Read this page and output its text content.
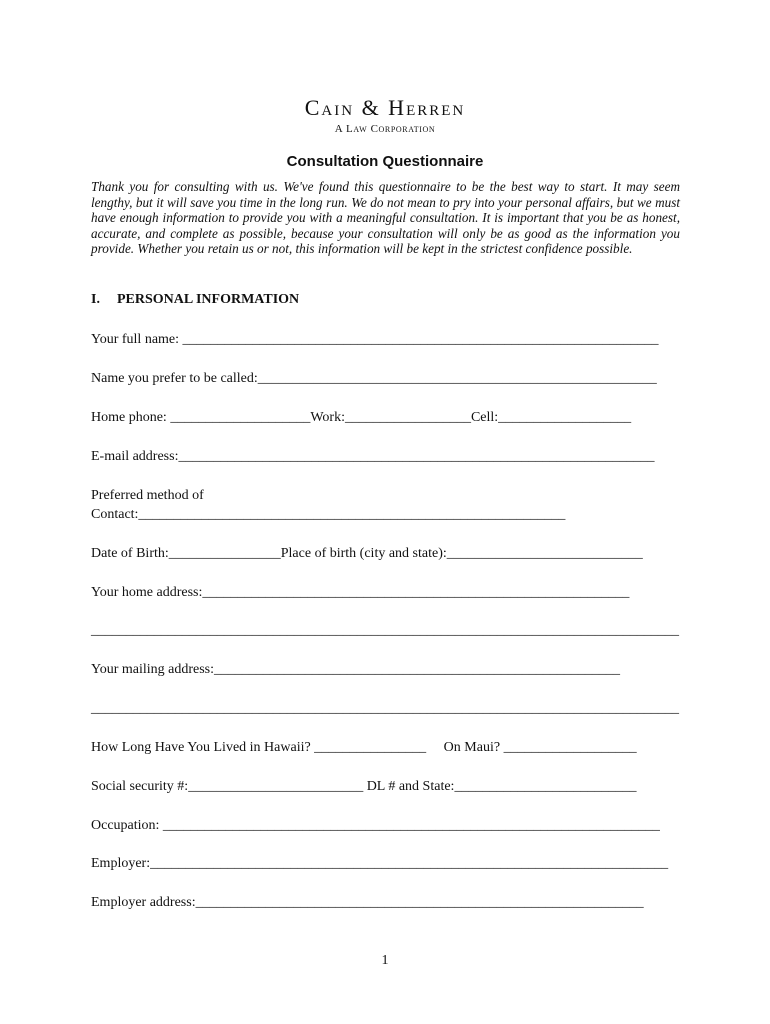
Cain & Herren
A Law Corporation
Consultation Questionnaire
Thank you for consulting with us. We've found this questionnaire to be the best way to start. It may seem lengthy, but it will save you time in the long run. We do not mean to pry into your personal affairs, but we must have enough information to provide you with a meaningful consultation. It is important that you be as honest, accurate, and complete as possible, because your consultation will only be as good as the information you provide. Whether you retain us or not, this information will be kept in the strictest confidence possible.
I. PERSONAL INFORMATION
Your full name: ____________________________________________________________________
Name you prefer to be called:_________________________________________________________
Home phone: ____________________Work:__________________Cell:___________________
E-mail address:____________________________________________________________________
Preferred method of
Contact:_____________________________________________________________
Date of Birth:________________Place of birth (city and state):____________________________
Your home address:_____________________________________________________________
____________________________________________________________________________________
Your mailing address:__________________________________________________________
____________________________________________________________________________________
How Long Have You Lived in Hawaii? ________________     On Maui? ___________________
Social security #:_________________________ DL # and State:__________________________
Occupation: _______________________________________________________________________
Employer:__________________________________________________________________________
Employer address:________________________________________________________________
1
